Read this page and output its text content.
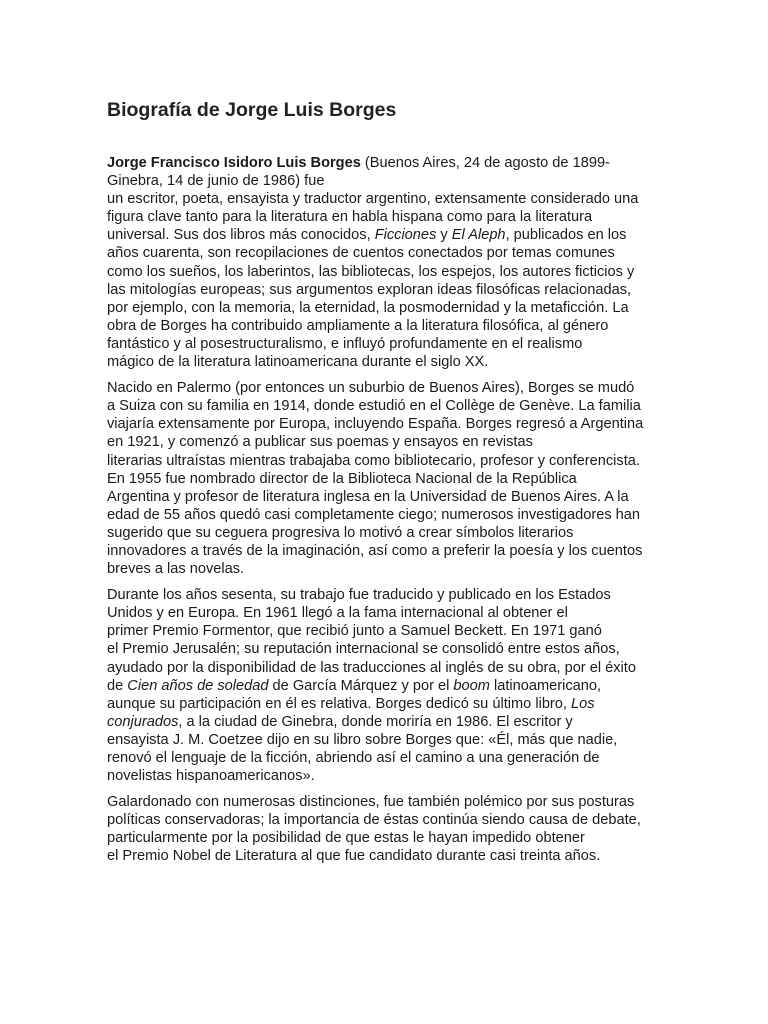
Biografía de Jorge Luis Borges

Jorge Francisco Isidoro Luis Borges (Buenos Aires, 24 de agosto de 1899-
Ginebra, 14 de junio de 1986) fue
un escritor, poeta, ensayista y traductor argentino, extensamente considerado una
figura clave tanto para la literatura en habla hispana como para la literatura
universal. Sus dos libros más conocidos, Ficciones y El Aleph, publicados en los
años cuarenta, son recopilaciones de cuentos conectados por temas comunes
como los sueños, los laberintos, las bibliotecas, los espejos, los autores ficticios y
las mitologías europeas; sus argumentos exploran ideas filosóficas relacionadas,
por ejemplo, con la memoria, la eternidad, la posmodernidad y la metaficción. La
obra de Borges ha contribuido ampliamente a la literatura filosófica, al género
fantástico y al posestructuralismo, e influyó profundamente en el realismo
mágico de la literatura latinoamericana durante el siglo XX.

Nacido en Palermo (por entonces un suburbio de Buenos Aires), Borges se mudó
a Suiza con su familia en 1914, donde estudió en el Collège de Genève. La familia
viajaría extensamente por Europa, incluyendo España. Borges regresó a Argentina
en 1921, y comenzó a publicar sus poemas y ensayos en revistas
literarias ultraístas mientras trabajaba como bibliotecario, profesor y conferencista.
En 1955 fue nombrado director de la Biblioteca Nacional de la República
Argentina y profesor de literatura inglesa en la Universidad de Buenos Aires. A la
edad de 55 años quedó casi completamente ciego; numerosos investigadores han
sugerido que su ceguera progresiva lo motivó a crear símbolos literarios
innovadores a través de la imaginación, así como a preferir la poesía y los cuentos
breves a las novelas.

Durante los años sesenta, su trabajo fue traducido y publicado en los Estados
Unidos y en Europa. En 1961 llegó a la fama internacional al obtener el
primer Premio Formentor, que recibió junto a Samuel Beckett. En 1971 ganó
el Premio Jerusalén; su reputación internacional se consolidó entre estos años,
ayudado por la disponibilidad de las traducciones al inglés de su obra, por el éxito
de Cien años de soledad de García Márquez y por el boom latinoamericano,
aunque su participación en él es relativa. Borges dedicó su último libro, Los
conjurados, a la ciudad de Ginebra, donde moriría en 1986. El escritor y
ensayista J. M. Coetzee dijo en su libro sobre Borges que: «Él, más que nadie,
renovó el lenguaje de la ficción, abriendo así el camino a una generación de
novelistas hispanoamericanos».

Galardonado con numerosas distinciones, fue también polémico por sus posturas
políticas conservadoras; la importancia de éstas continúa siendo causa de debate,
particularmente por la posibilidad de que estas le hayan impedido obtener
el Premio Nobel de Literatura al que fue candidato durante casi treinta años.
